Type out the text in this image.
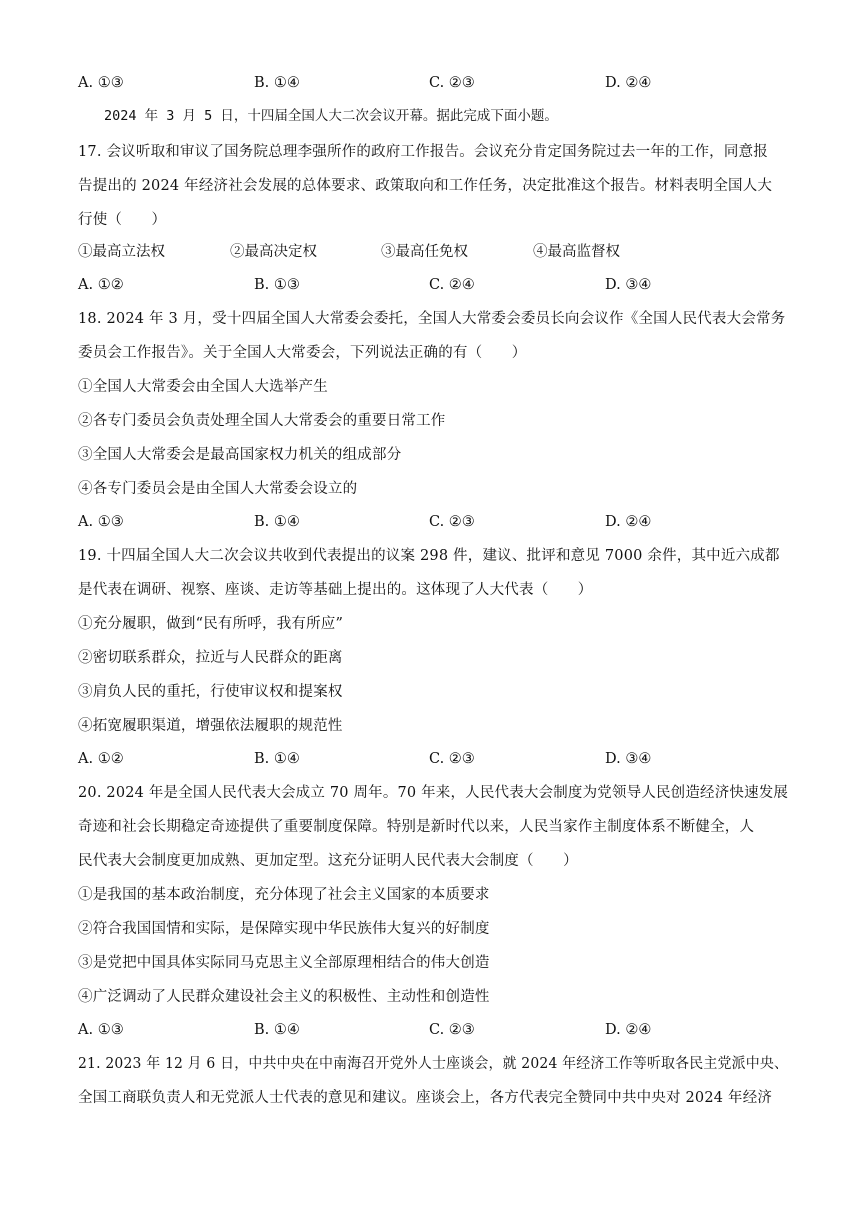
A. ①③	B. ①④	C. ②③	D. ②④
2024 年 3 月 5 日，十四届全国人大二次会议开幕。据此完成下面小题。
17. 会议听取和审议了国务院总理李强所作的政府工作报告。会议充分肯定国务院过去一年的工作，同意报
告提出的 2024 年经济社会发展的总体要求、政策取向和工作任务，决定批准这个报告。材料表明全国人大
行使（　　）
①最高立法权	②最高决定权	③最高任免权	④最高监督权
A. ①②	B. ①③	C. ②④	D. ③④
18. 2024 年 3 月，受十四届全国人大常委会委托，全国人大常委会委员长向会议作《全国人民代表大会常务
委员会工作报告》。关于全国人大常委会，下列说法正确的有（　　）
①全国人大常委会由全国人大选举产生
②各专门委员会负责处理全国人大常委会的重要日常工作
③全国人大常委会是最高国家权力机关的组成部分
④各专门委员会是由全国人大常委会设立的
A. ①③	B. ①④	C. ②③	D. ②④
19. 十四届全国人大二次会议共收到代表提出的议案 298 件，建议、批评和意见 7000 余件，其中近六成都
是代表在调研、视察、座谈、走访等基础上提出的。这体现了人大代表（　　）
①充分履职，做到“民有所呼，我有所应”
②密切联系群众，拉近与人民群众的距离
③肩负人民的重托，行使审议权和提案权
④拓宽履职渠道，增强依法履职的规范性
A. ①②	B. ①④	C. ②③	D. ③④
20. 2024 年是全国人民代表大会成立 70 周年。70 年来，人民代表大会制度为党领导人民创造经济快速发展
奇迹和社会长期稳定奇迹提供了重要制度保障。特别是新时代以来，人民当家作主制度体系不断健全，人
民代表大会制度更加成熟、更加定型。这充分证明人民代表大会制度（　　）
①是我国的基本政治制度，充分体现了社会主义国家的本质要求
②符合我国国情和实际，是保障实现中华民族伟大复兴的好制度
③是党把中国具体实际同马克思主义全部原理相结合的伟大创造
④广泛调动了人民群众建设社会主义的积极性、主动性和创造性
A. ①③	B. ①④	C. ②③	D. ②④
21. 2023 年 12 月 6 日，中共中央在中南海召开党外人士座谈会，就 2024 年经济工作等听取各民主党派中央、
全国工商联负责人和无党派人士代表的意见和建议。座谈会上，各方代表完全赞同中共中央对 2024 年经济
